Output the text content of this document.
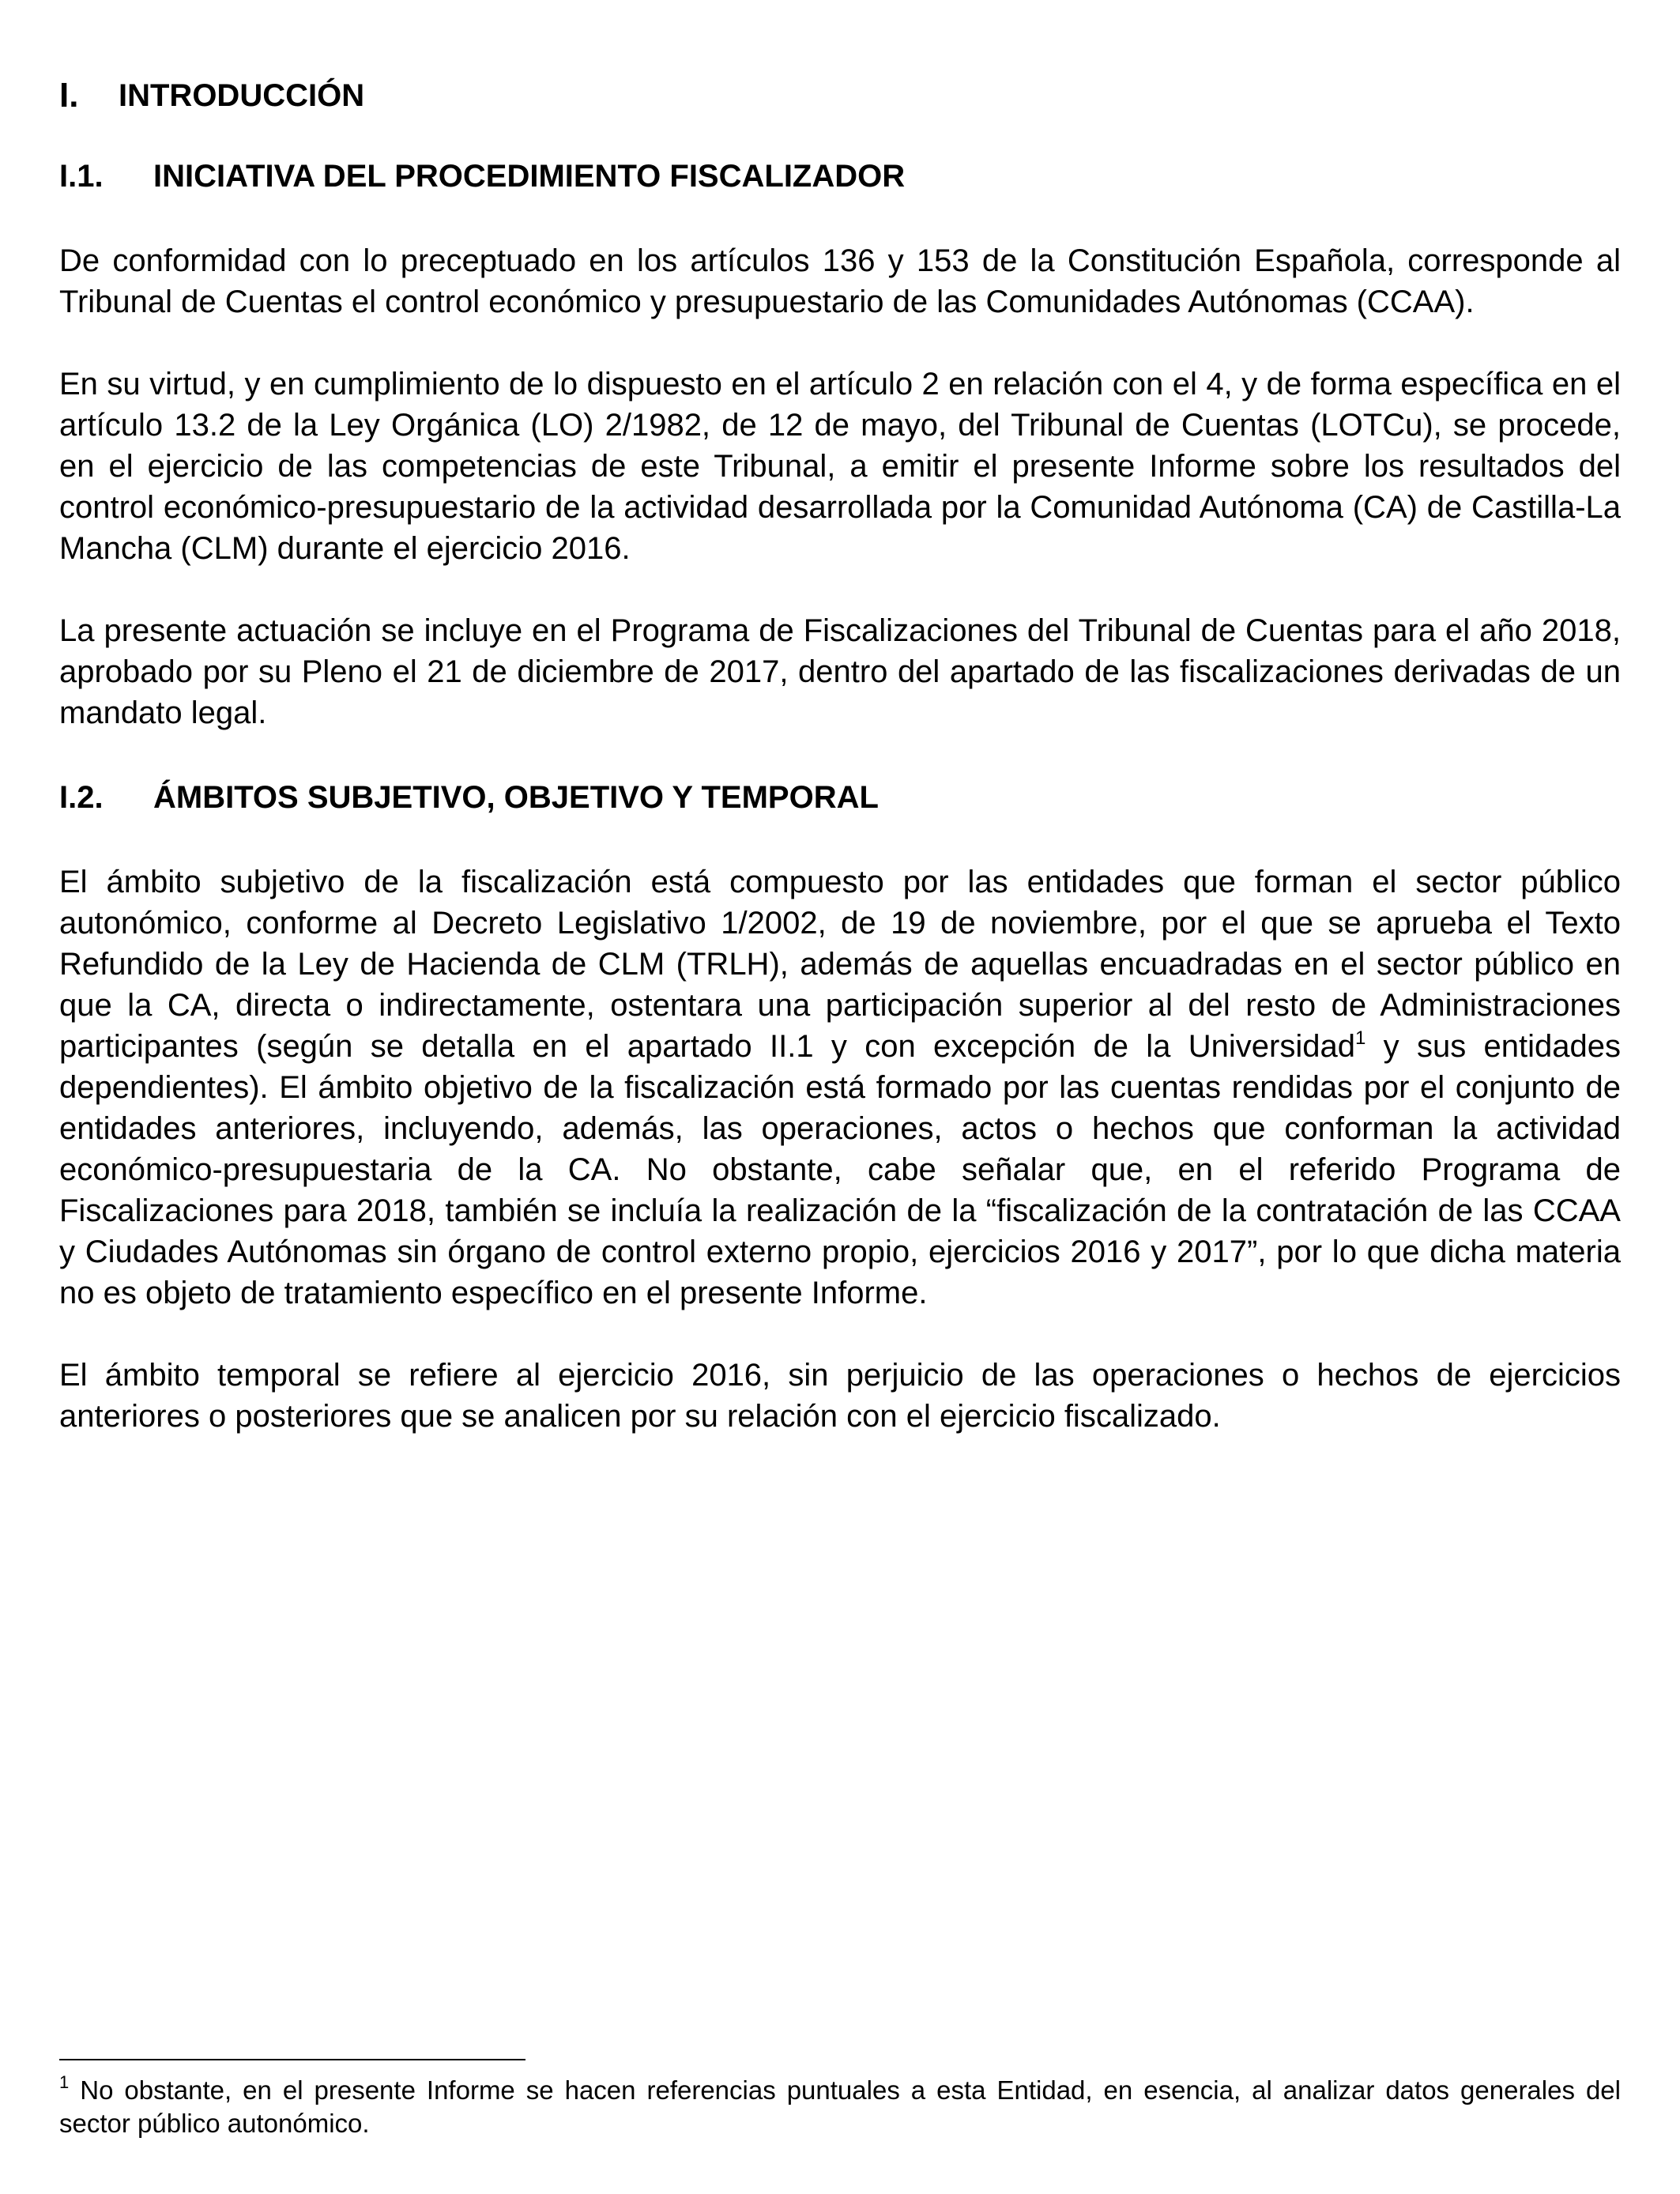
I.	INTRODUCCIÓN
I.1.	INICIATIVA DEL PROCEDIMIENTO FISCALIZADOR

De conformidad con lo preceptuado en los artículos 136 y 153 de la Constitución Española, corresponde al Tribunal de Cuentas el control económico y presupuestario de las Comunidades Autónomas (CCAA).

En su virtud, y en cumplimiento de lo dispuesto en el artículo 2 en relación con el 4, y de forma específica en el artículo 13.2 de la Ley Orgánica (LO) 2/1982, de 12 de mayo, del Tribunal de Cuentas (LOTCu), se procede, en el ejercicio de las competencias de este Tribunal, a emitir el presente Informe sobre los resultados del control económico-presupuestario de la actividad desarrollada por la Comunidad Autónoma (CA) de Castilla-La Mancha (CLM) durante el ejercicio 2016.

La presente actuación se incluye en el Programa de Fiscalizaciones del Tribunal de Cuentas para el año 2018, aprobado por su Pleno el 21 de diciembre de 2017, dentro del apartado de las fiscalizaciones derivadas de un mandato legal.

I.2.	ÁMBITOS SUBJETIVO, OBJETIVO Y TEMPORAL

El ámbito subjetivo de la fiscalización está compuesto por las entidades que forman el sector público autonómico, conforme al Decreto Legislativo 1/2002, de 19 de noviembre, por el que se aprueba el Texto Refundido de la Ley de Hacienda de CLM (TRLH), además de aquellas encuadradas en el sector público en que la CA, directa o indirectamente, ostentara una participación superior al del resto de Administraciones participantes (según se detalla en el apartado II.1 y con excepción de la Universidad$^1$ y sus entidades dependientes). El ámbito objetivo de la fiscalización está formado por las cuentas rendidas por el conjunto de entidades anteriores, incluyendo, además, las operaciones, actos o hechos que conforman la actividad económico-presupuestaria de la CA. No obstante, cabe señalar que, en el referido Programa de Fiscalizaciones para 2018, también se incluía la realización de la “fiscalización de la contratación de las CCAA y Ciudades Autónomas sin órgano de control externo propio, ejercicios 2016 y 2017”, por lo que dicha materia no es objeto de tratamiento específico en el presente Informe.

El ámbito temporal se refiere al ejercicio 2016, sin perjuicio de las operaciones o hechos de ejercicios anteriores o posteriores que se analicen por su relación con el ejercicio fiscalizado.

$^1$ No obstante, en el presente Informe se hacen referencias puntuales a esta Entidad, en esencia, al analizar datos generales del sector público autonómico.
